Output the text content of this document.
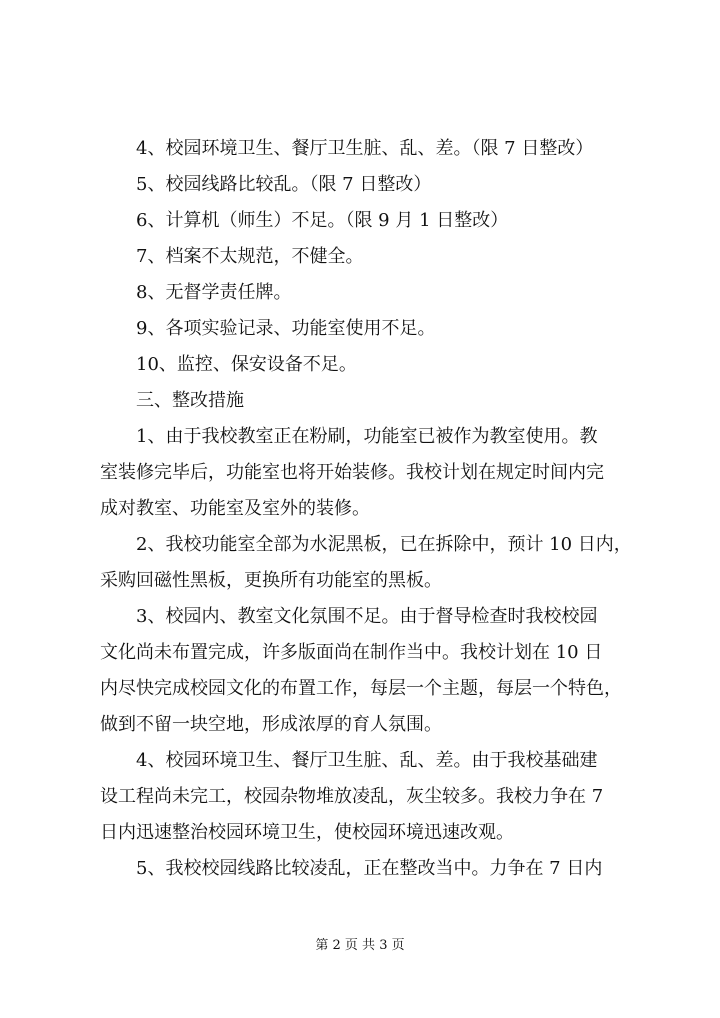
4、校园环境卫生、餐厅卫生脏、乱、差。（限 7 日整改）
5、校园线路比较乱。（限 7 日整改）
6、计算机（师生）不足。（限 9 月 1 日整改）
7、档案不太规范，不健全。
8、无督学责任牌。
9、各项实验记录、功能室使用不足。
10、监控、保安设备不足。
三、整改措施
1、由于我校教室正在粉刷，功能室已被作为教室使用。教
室装修完毕后，功能室也将开始装修。我校计划在规定时间内完
成对教室、功能室及室外的装修。
2、我校功能室全部为水泥黑板，已在拆除中，预计 10 日内，
采购回磁性黑板，更换所有功能室的黑板。
3、校园内、教室文化氛围不足。由于督导检查时我校校园
文化尚未布置完成，许多版面尚在制作当中。我校计划在 10 日
内尽快完成校园文化的布置工作，每层一个主题，每层一个特色，
做到不留一块空地，形成浓厚的育人氛围。
4、校园环境卫生、餐厅卫生脏、乱、差。由于我校基础建
设工程尚未完工，校园杂物堆放凌乱，灰尘较多。我校力争在 7
日内迅速整治校园环境卫生，使校园环境迅速改观。
5、我校校园线路比较凌乱，正在整改当中。力争在 7 日内
第 2 页 共 3 页
